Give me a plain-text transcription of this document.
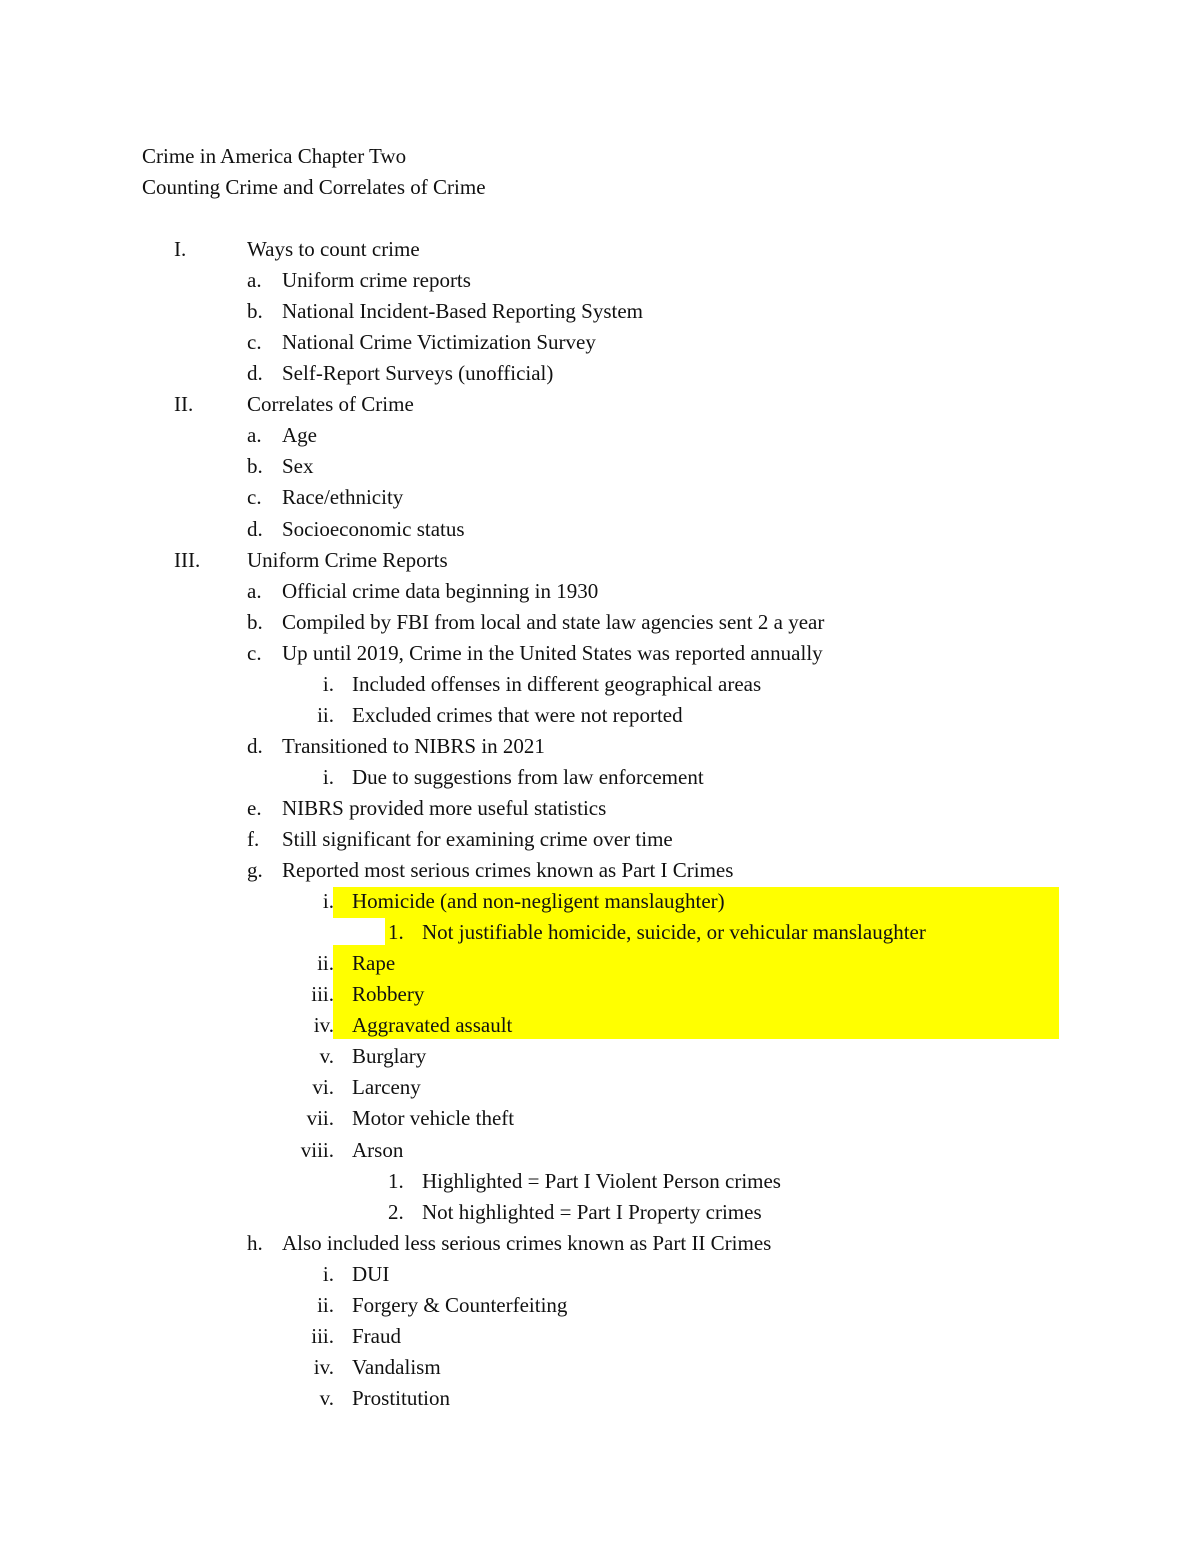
Crime in America Chapter Two
Counting Crime and Correlates of Crime
I.	Ways to count crime
a. Uniform crime reports
b. National Incident-Based Reporting System
c. National Crime Victimization Survey
d. Self-Report Surveys (unofficial)
II.	Correlates of Crime
a. Age
b. Sex
c. Race/ethnicity
d. Socioeconomic status
III. Uniform Crime Reports
a. Official crime data beginning in 1930
b. Compiled by FBI from local and state law agencies sent 2 a year
c. Up until 2019, Crime in the United States was reported annually
i. Included offenses in different geographical areas
ii. Excluded crimes that were not reported
d. Transitioned to NIBRS in 2021
i. Due to suggestions from law enforcement
e. NIBRS provided more useful statistics
f. Still significant for examining crime over time
g. Reported most serious crimes known as Part I Crimes
i. Homicide (and non-negligent manslaughter)
1. Not justifiable homicide, suicide, or vehicular manslaughter
ii. Rape
iii. Robbery
iv. Aggravated assault
v. Burglary
vi. Larceny
vii. Motor vehicle theft
viii. Arson
1. Highlighted = Part I Violent Person crimes
2. Not highlighted = Part I Property crimes
h. Also included less serious crimes known as Part II Crimes
i. DUI
ii. Forgery & Counterfeiting
iii. Fraud
iv. Vandalism
v. Prostitution
